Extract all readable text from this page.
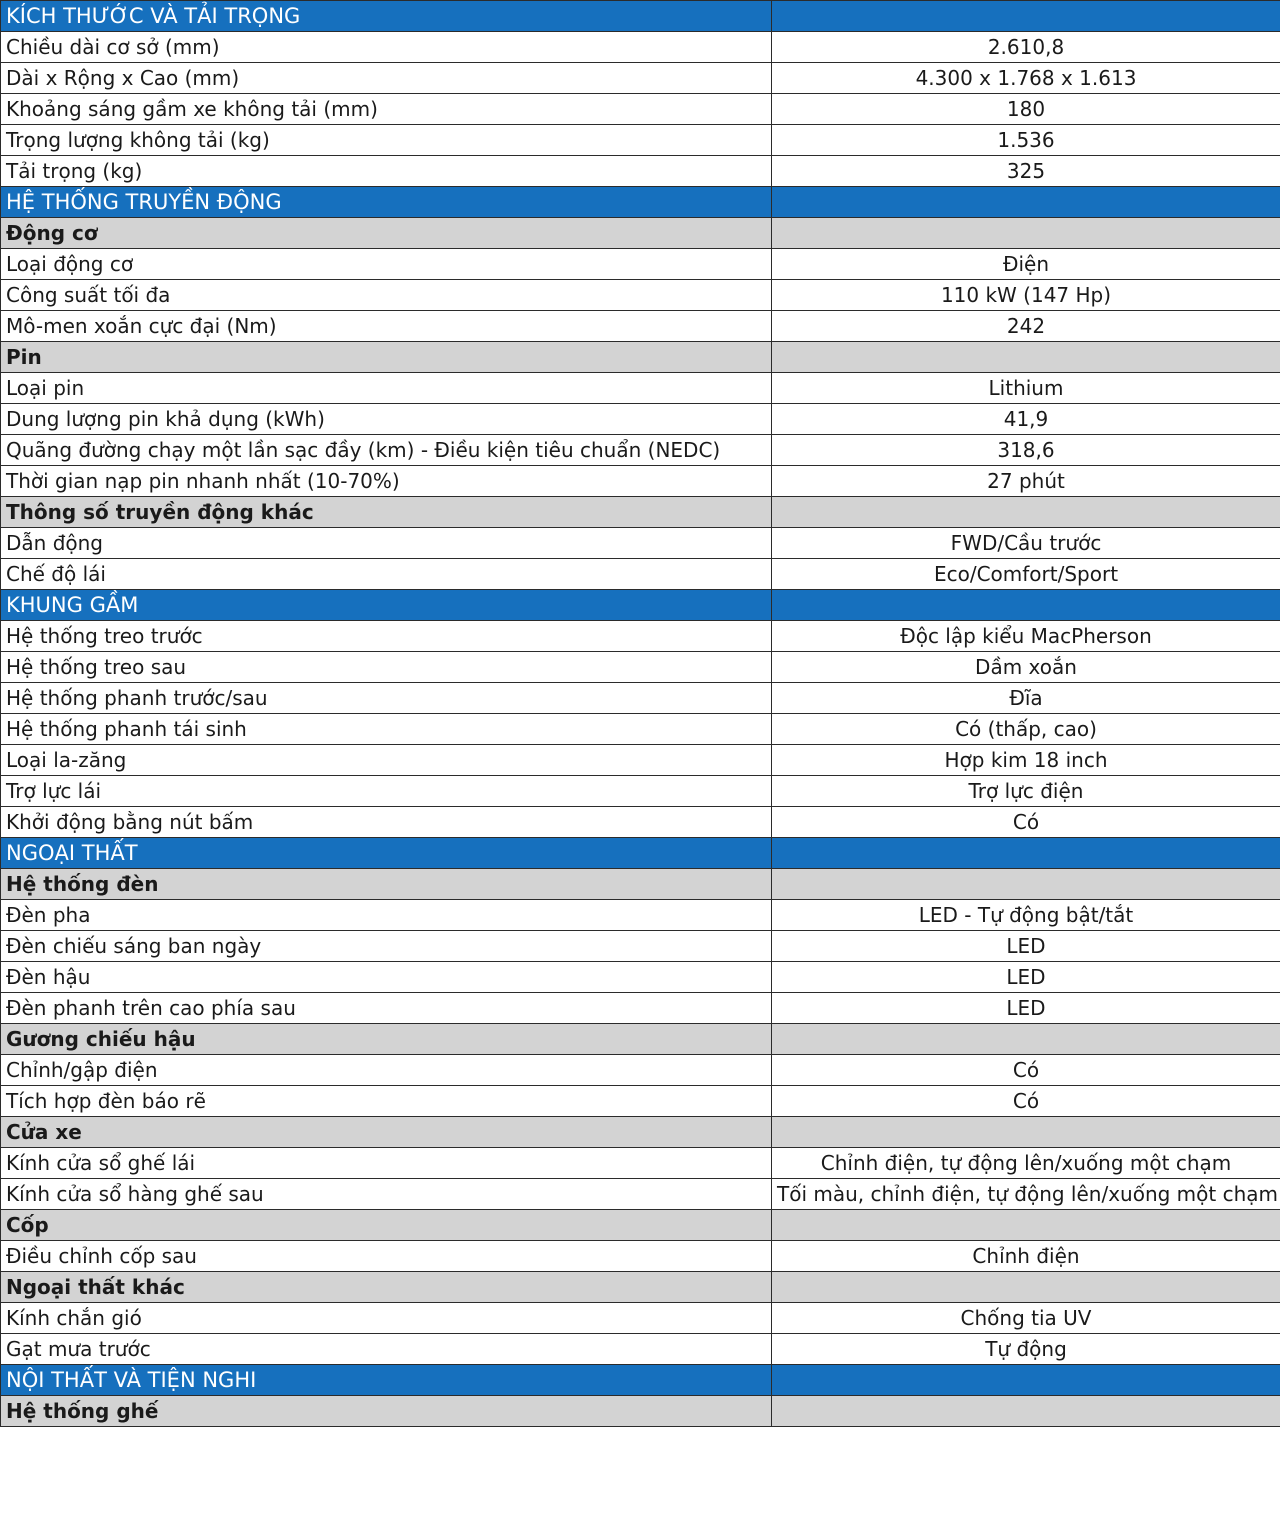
KÍCH THƯỚC VÀ TẢI TRỌNG	
Chiều dài cơ sở (mm)	2.610,8
Dài x Rộng x Cao (mm)	4.300 x 1.768 x 1.613
Khoảng sáng gầm xe không tải (mm)	180
Trọng lượng không tải (kg)	1.536
Tải trọng (kg)	325
HỆ THỐNG TRUYỀN ĐỘNG	
Động cơ	
Loại động cơ	Điện
Công suất tối đa	110 kW (147 Hp)
Mô-men xoắn cực đại (Nm)	242
Pin	
Loại pin	Lithium
Dung lượng pin khả dụng (kWh)	41,9
Quãng đường chạy một lần sạc đầy (km) - Điều kiện tiêu chuẩn (NEDC)	318,6
Thời gian nạp pin nhanh nhất (10-70%)	27 phút
Thông số truyền động khác	
Dẫn động	FWD/Cầu trước
Chế độ lái	Eco/Comfort/Sport
KHUNG GẦM	
Hệ thống treo trước	Độc lập kiểu MacPherson
Hệ thống treo sau	Dầm xoắn
Hệ thống phanh trước/sau	Đĩa
Hệ thống phanh tái sinh	Có (thấp, cao)
Loại la-zăng	Hợp kim 18 inch
Trợ lực lái	Trợ lực điện
Khởi động bằng nút bấm	Có
NGOẠI THẤT	
Hệ thống đèn	
Đèn pha	LED - Tự động bật/tắt
Đèn chiếu sáng ban ngày	LED
Đèn hậu	LED
Đèn phanh trên cao phía sau	LED
Gương chiếu hậu	
Chỉnh/gập điện	Có
Tích hợp đèn báo rẽ	Có
Cửa xe	
Kính cửa sổ ghế lái	Chỉnh điện, tự động lên/xuống một chạm
Kính cửa sổ hàng ghế sau	Tối màu, chỉnh điện, tự động lên/xuống một chạm
Cốp	
Điều chỉnh cốp sau	Chỉnh điện
Ngoại thất khác	
Kính chắn gió	Chống tia UV
Gạt mưa trước	Tự động
NỘI THẤT VÀ TIỆN NGHI	
Hệ thống ghế	
